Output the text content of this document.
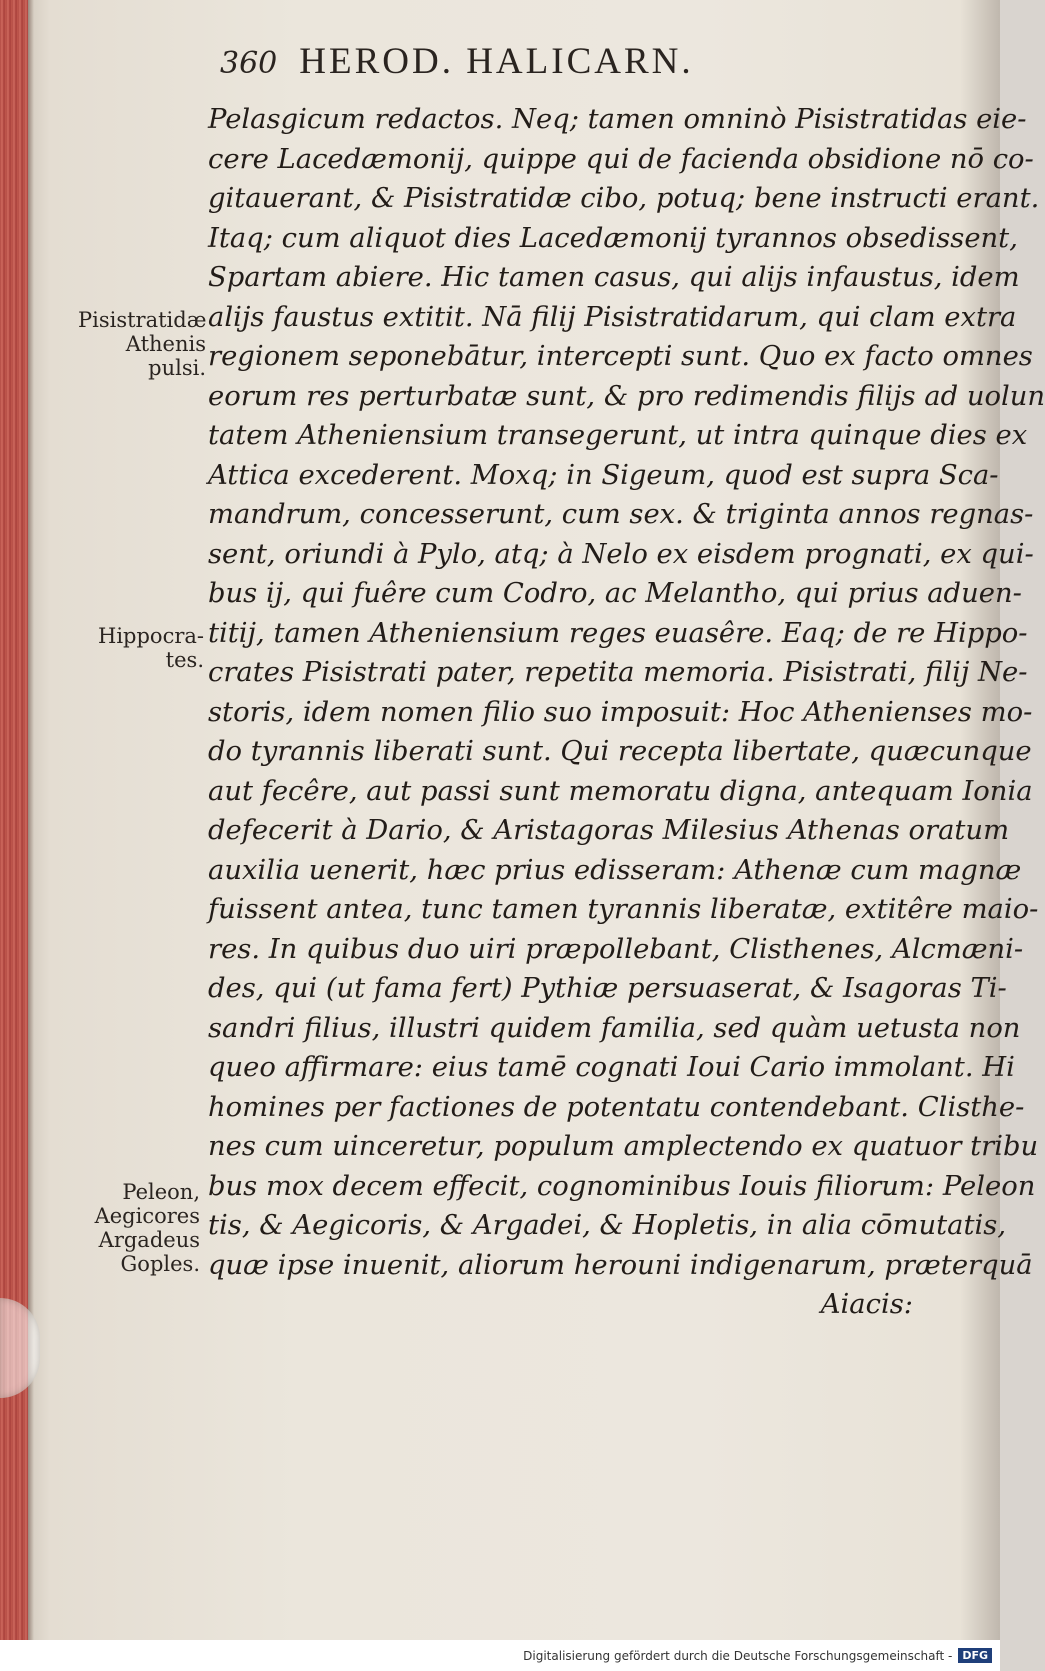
360 HEROD. HALICARN.
Pisistratidæ
Athenis
pulsi.
Hippocra-
tes.
Peleon,
Aegicores
Argadeus
Goples.
Pelasgicum redactos. Neq; tamen omninò Pisistratidas eie-
cere Lacedæmonij, quippe qui de facienda obsidione nō co-
gitauerant, & Pisistratidæ cibo, potuq; bene instructi erant.
Itaq; cum aliquot dies Lacedæmonij tyrannos obsedissent,
Spartam abiere. Hic tamen casus, qui alijs infaustus, idem
alijs faustus extitit. Nā filij Pisistratidarum, qui clam extra
regionem seponebātur, intercepti sunt. Quo ex facto omnes
eorum res perturbatæ sunt, & pro redimendis filijs ad uolun
tatem Atheniensium transegerunt, ut intra quinque dies ex
Attica excederent. Moxq; in Sigeum, quod est supra Sca-
mandrum, concesserunt, cum sex. & triginta annos regnas-
sent, oriundi à Pylo, atq; à Nelo ex eisdem prognati, ex qui-
bus ij, qui fuêre cum Codro, ac Melantho, qui prius aduen-
titij, tamen Atheniensium reges euasêre. Eaq; de re Hippo-
crates Pisistrati pater, repetita memoria. Pisistrati, filij Ne-
storis, idem nomen filio suo imposuit: Hoc Athenienses mo-
do tyrannis liberati sunt. Qui recepta libertate, quæcunque
aut fecêre, aut passi sunt memoratu digna, antequam Ionia
defecerit à Dario, & Aristagoras Milesius Athenas oratum
auxilia uenerit, hæc prius edisseram: Athenæ cum magnæ
fuissent antea, tunc tamen tyrannis liberatæ, extitêre maio-
res. In quibus duo uiri præpollebant, Clisthenes, Alcmæni-
des, qui (ut fama fert) Pythiæ persuaserat, & Isagoras Ti-
sandri filius, illustri quidem familia, sed quàm uetusta non
queo affirmare: eius tamē cognati Ioui Cario immolant. Hi
homines per factiones de potentatu contendebant. Clisthe-
nes cum uinceretur, populum amplectendo ex quatuor tribu
bus mox decem effecit, cognominibus Iouis filiorum: Peleon
tis, & Aegicoris, & Argadei, & Hopletis, in alia cōmutatis,
quæ ipse inuenit, aliorum herouni indigenarum, præterquā
Aiacis:
Digitalisierung gefördert durch die Deutsche Forschungsgemeinschaft - DFG
